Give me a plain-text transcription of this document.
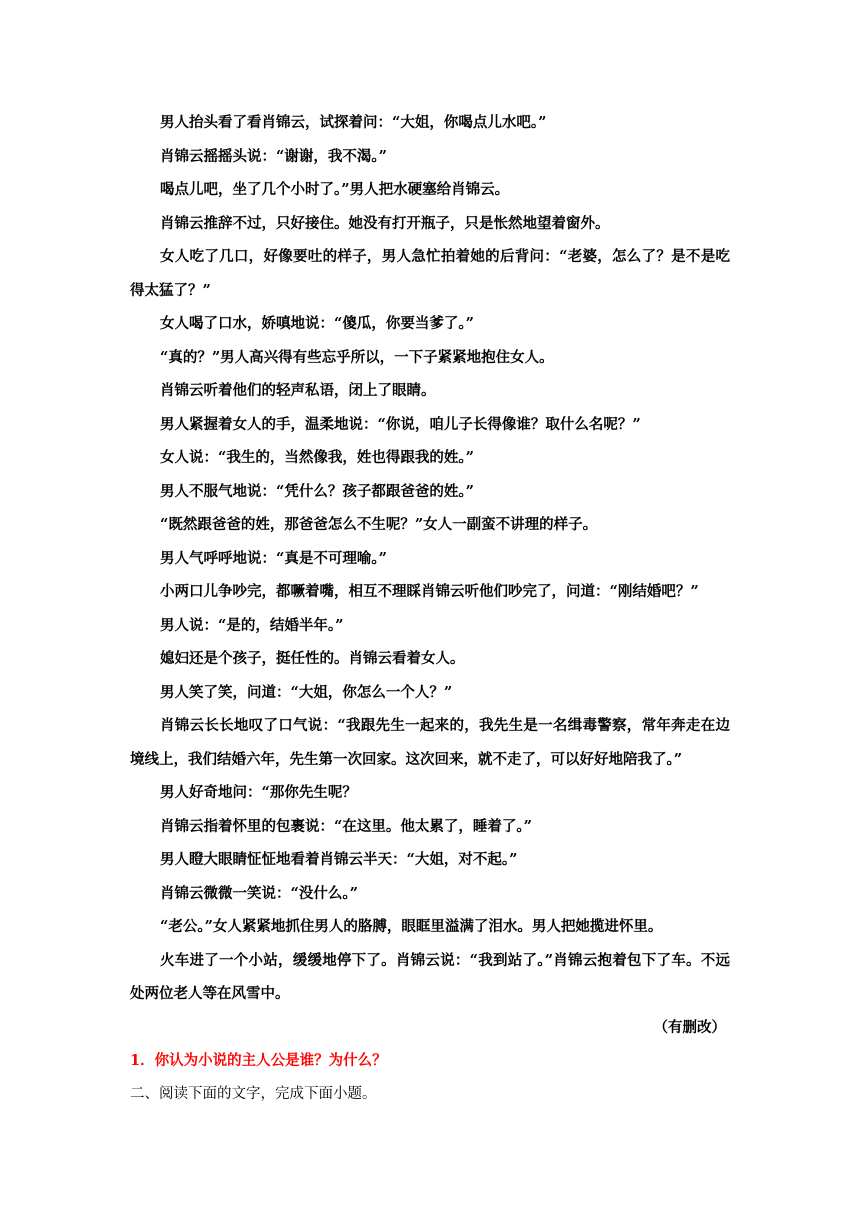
男人抬头看了看肖锦云，试探着问：“大姐，你喝点儿水吧。”

肖锦云摇摇头说：“谢谢，我不渴。”

喝点儿吧，坐了几个小时了。”男人把水硬塞给肖锦云。

肖锦云推辞不过，只好接住。她没有打开瓶子，只是怅然地望着窗外。

女人吃了几口，好像要吐的样子，男人急忙拍着她的后背问：“老婆，怎么了？是不是吃得太猛了？”

女人喝了口水，娇嗔地说：“傻瓜，你要当爹了。”

“真的？”男人高兴得有些忘乎所以，一下子紧紧地抱住女人。

肖锦云听着他们的轻声私语，闭上了眼睛。

男人紧握着女人的手，温柔地说：“你说，咱儿子长得像谁？取什么名呢？”

女人说：“我生的，当然像我，姓也得跟我的姓。”

男人不服气地说：“凭什么？孩子都跟爸爸的姓。”

“既然跟爸爸的姓，那爸爸怎么不生呢？”女人一副蛮不讲理的样子。

男人气呼呼地说：“真是不可理喻。”

小两口儿争吵完，都噘着嘴，相互不理睬肖锦云听他们吵完了，问道：“刚结婚吧？”

男人说：“是的，结婚半年。”

媳妇还是个孩子，挺任性的。肖锦云看着女人。

男人笑了笑，问道：“大姐，你怎么一个人？”

肖锦云长长地叹了口气说：“我跟先生一起来的，我先生是一名缉毒警察，常年奔走在边境线上，我们结婚六年，先生第一次回家。这次回来，就不走了，可以好好地陪我了。”

男人好奇地问：“那你先生呢？

肖锦云指着怀里的包裹说：“在这里。他太累了，睡着了。”

男人瞪大眼睛怔怔地看着肖锦云半天：“大姐，对不起。”

肖锦云微微一笑说：“没什么。”

“老公。”女人紧紧地抓住男人的胳膊，眼眶里溢满了泪水。男人把她揽进怀里。

火车进了一个小站，缓缓地停下了。肖锦云说：“我到站了。”肖锦云抱着包下了车。不远处两位老人等在风雪中。

（有删改）

1．你认为小说的主人公是谁？为什么？

二、阅读下面的文字，完成下面小题。
